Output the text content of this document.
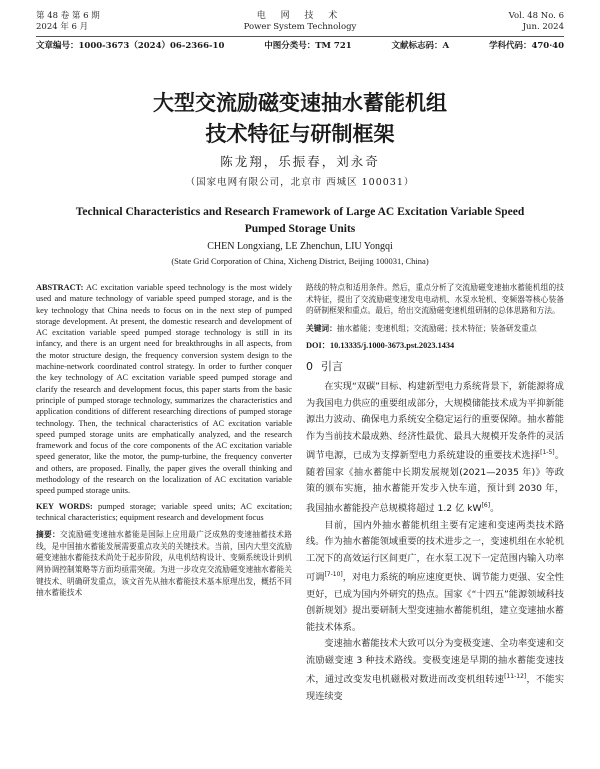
第 48 卷 第 6 期
2024 年 6 月
电 网 技 术
Power System Technology
Vol. 48 No. 6
Jun. 2024
文章编号：1000-3673（2024）06-2366-10	中图分类号：TM 721	文献标志码：A	学科代码：470·40
大型交流励磁变速抽水蓄能机组
技术特征与研制框架
陈龙翔，乐振春，刘永奇
（国家电网有限公司，北京市 西城区 100031）
Technical Characteristics and Research Framework of Large AC Excitation Variable Speed
Pumped Storage Units
CHEN Longxiang, LE Zhenchun, LIU Yongqi
(State Grid Corporation of China, Xicheng District, Beijing 100031, China)

ABSTRACT: AC excitation variable speed technology is the most widely used and mature technology of variable speed pumped storage, and is the key technology that China needs to focus on in the next step of pumped storage development. At present, the domestic research and development of AC excitation variable speed pumped storage technology is still in its infancy, and there is an urgent need for breakthroughs in all aspects, from the motor structure design, the frequency conversion system design to the machine-network coordinated control strategy. In order to further conquer the key technology of AC excitation variable speed pumped storage and clarify the research and development focus, this paper starts from the basic principle of pumped storage technology, summarizes the characteristics and application conditions of different researching directions of pumped storage technology. Then, the technical characteristics of AC excitation variable speed pumped storage units are emphatically analyzed, and the research framework and focus of the core components of the AC excitation variable speed generator, like the motor, the pump-turbine, the frequency converter and others, are proposed. Finally, the paper gives the overall thinking and methodology of the research on the localization of AC excitation variable speed pumped storage units.

KEY WORDS: pumped storage; variable speed units; AC excitation; technical characteristics; equipment research and development focus

摘要：交流励磁变速抽水蓄能是国际上应用最广泛成熟的变速抽蓄技术路线，是中国抽水蓄能发展需要重点攻关的关键技术。当前，国内大型交流励磁变速抽水蓄能技术尚处于起步阶段，从电机结构设计、变频系统设计到机网协调控制策略等方面均亟需突破。为进一步攻克交流励磁变速抽水蓄能关键技术、明确研发重点，该文首先从抽水蓄能技术基本原理出发，概括不同抽水蓄能技术

路线的特点和适用条件。然后，重点分析了交流励磁变速抽水蓄能机组的技术特征，提出了交流励磁变速发电电动机、水泵水轮机、变频器等核心装备的研制框架和重点。最后，给出交流励磁变速机组研制的总体思路和方法。

关键词：抽水蓄能；变速机组；交流励磁；技术特征；装备研发重点

DOI：10.13335/j.1000-3673.pst.2023.1434

0 引言

在实现“双碳”目标、构建新型电力系统背景下，新能源将成为我国电力供应的重要组成部分，大规模储能技术成为平抑新能源出力波动、确保电力系统安全稳定运行的重要保障。抽水蓄能作为当前技术最成熟、经济性最优、最具大规模开发条件的灵活调节电源，已成为支撑新型电力系统建设的重要技术选择[1-5]。随着国家《抽水蓄能中长期发展规划(2021—2035 年)》等政策的颁布实施，抽水蓄能开发步入快车道，预计到 2030 年，我国抽水蓄能投产总规模将超过 1.2 亿 kW[6]。

目前，国内外抽水蓄能机组主要有定速和变速两类技术路线。作为抽水蓄能领域重要的技术进步之一，变速机组在水轮机工况下的高效运行区间更广，在水泵工况下一定范围内输入功率可调[7-10]，对电力系统的响应速度更快、调节能力更强、安全性更好，已成为国内外研究的热点。国家《“十四五”能源领域科技创新规划》提出要研制大型变速抽水蓄能机组，建立变速抽水蓄能技术体系。

变速抽水蓄能技术大致可以分为变极变速、全功率变速和交流励磁变速 3 种技术路线。变极变速是早期的抽水蓄能变速技术，通过改变发电机磁极对数进而改变机组转速[11-12]，不能实现连续变
